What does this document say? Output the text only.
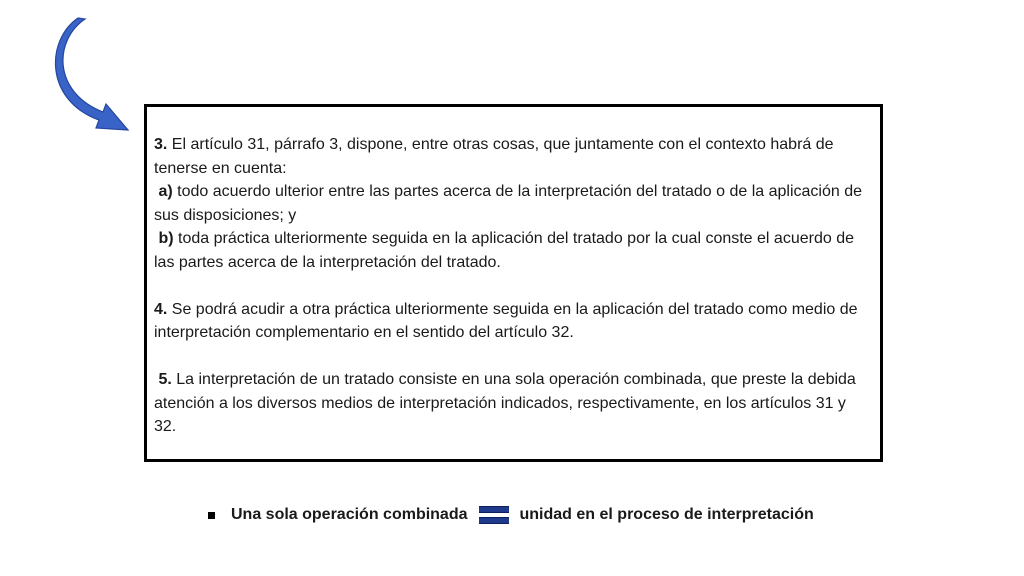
3. El artículo 31, párrafo 3, dispone, entre otras cosas, que juntamente con el contexto habrá de tenerse en cuenta:

a) todo acuerdo ulterior entre las partes acerca de la interpretación del tratado o de la aplicación de sus disposiciones; y

b) toda práctica ulteriormente seguida en la aplicación del tratado por la cual conste el acuerdo de las partes acerca de la interpretación del tratado.

4. Se podrá acudir a otra práctica ulteriormente seguida en la aplicación del tratado como medio de interpretación complementario en el sentido del artículo 32.

5. La interpretación de un tratado consiste en una sola operación combinada, que preste la debida atención a los diversos medios de interpretación indicados, respectivamente, en los artículos 31 y 32.

Una sola operación combinada	unidad en el proceso de interpretación
